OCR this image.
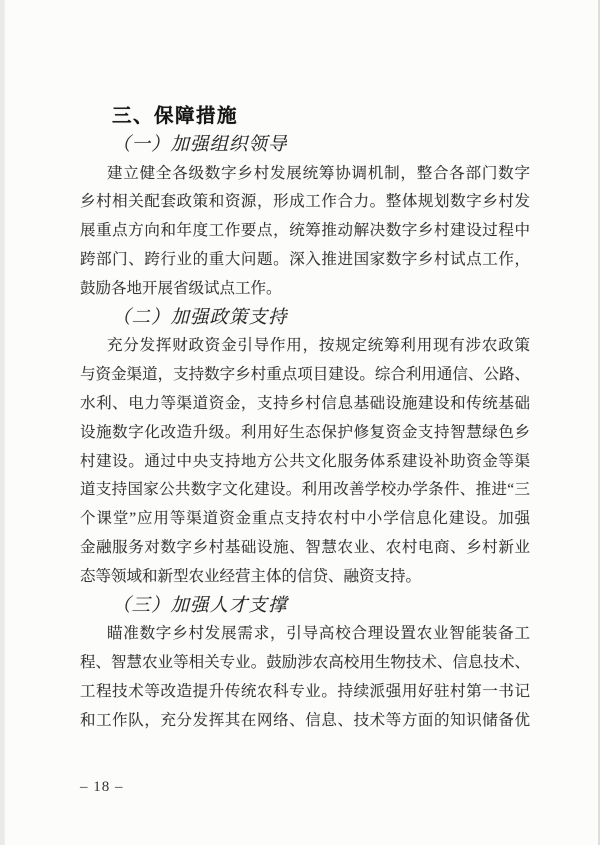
三、保障措施
（一）加强组织领导
建立健全各级数字乡村发展统筹协调机制，整合各部门数字
乡村相关配套政策和资源，形成工作合力。整体规划数字乡村发
展重点方向和年度工作要点，统筹推动解决数字乡村建设过程中
跨部门、跨行业的重大问题。深入推进国家数字乡村试点工作，
鼓励各地开展省级试点工作。
（二）加强政策支持
充分发挥财政资金引导作用，按规定统筹利用现有涉农政策
与资金渠道，支持数字乡村重点项目建设。综合利用通信、公路、
水利、电力等渠道资金，支持乡村信息基础设施建设和传统基础
设施数字化改造升级。利用好生态保护修复资金支持智慧绿色乡
村建设。通过中央支持地方公共文化服务体系建设补助资金等渠
道支持国家公共数字文化建设。利用改善学校办学条件、推进“三
个课堂”应用等渠道资金重点支持农村中小学信息化建设。加强
金融服务对数字乡村基础设施、智慧农业、农村电商、乡村新业
态等领域和新型农业经营主体的信贷、融资支持。
（三）加强人才支撑
瞄准数字乡村发展需求，引导高校合理设置农业智能装备工
程、智慧农业等相关专业。鼓励涉农高校用生物技术、信息技术、
工程技术等改造提升传统农科专业。持续派强用好驻村第一书记
和工作队，充分发挥其在网络、信息、技术等方面的知识储备优
– 18 –
